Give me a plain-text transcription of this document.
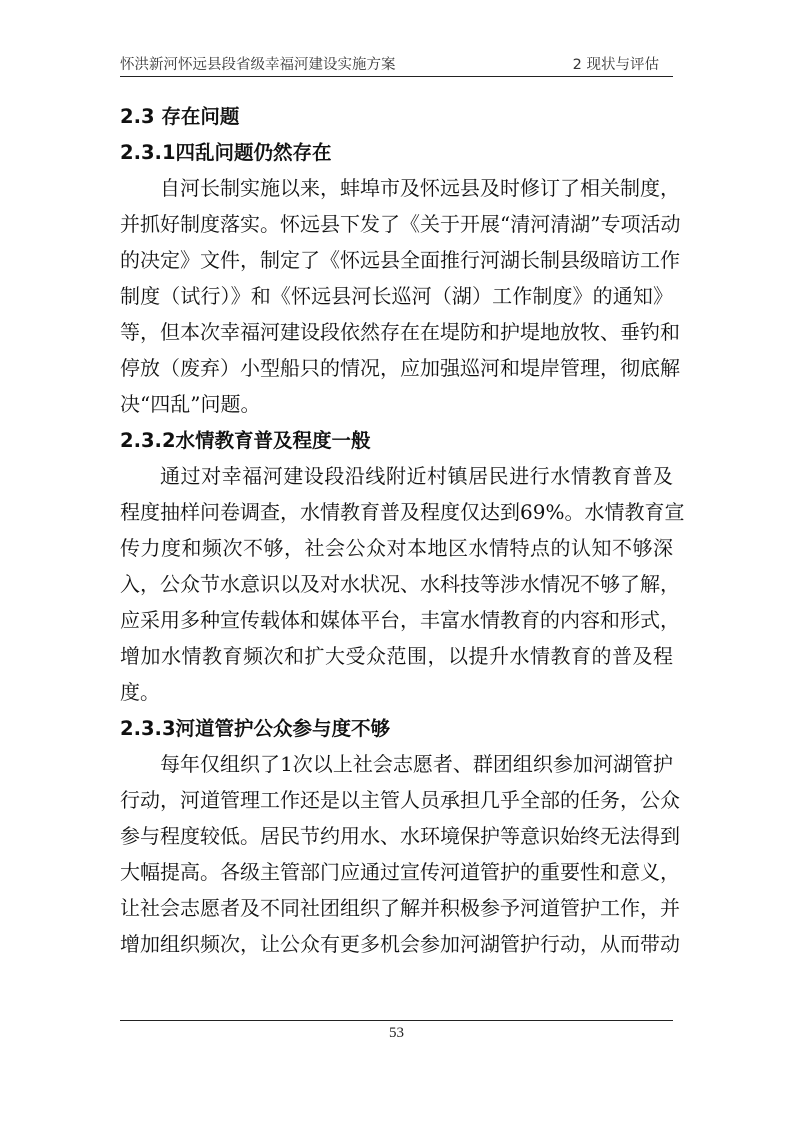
怀洪新河怀远县段省级幸福河建设实施方案	2 现状与评估
2.3 存在问题
2.3.1四乱问题仍然存在
自河长制实施以来，蚌埠市及怀远县及时修订了相关制度，
并抓好制度落实。怀远县下发了《关于开展“清河清湖”专项活动
的决定》文件，制定了《怀远县全面推行河湖长制县级暗访工作
制度（试行）》和《怀远县河长巡河（湖）工作制度》的通知》
等，但本次幸福河建设段依然存在在堤防和护堤地放牧、垂钓和
停放（废弃）小型船只的情况，应加强巡河和堤岸管理，彻底解
决“四乱”问题。
2.3.2水情教育普及程度一般
通过对幸福河建设段沿线附近村镇居民进行水情教育普及
程度抽样问卷调查，水情教育普及程度仅达到69%。水情教育宣
传力度和频次不够，社会公众对本地区水情特点的认知不够深
入，公众节水意识以及对水状况、水科技等涉水情况不够了解，
应采用多种宣传载体和媒体平台，丰富水情教育的内容和形式，
增加水情教育频次和扩大受众范围，以提升水情教育的普及程
度。
2.3.3河道管护公众参与度不够
每年仅组织了1次以上社会志愿者、群团组织参加河湖管护
行动，河道管理工作还是以主管人员承担几乎全部的任务，公众
参与程度较低。居民节约用水、水环境保护等意识始终无法得到
大幅提高。各级主管部门应通过宣传河道管护的重要性和意义，
让社会志愿者及不同社团组织了解并积极参予河道管护工作，并
增加组织频次，让公众有更多机会参加河湖管护行动，从而带动
53
